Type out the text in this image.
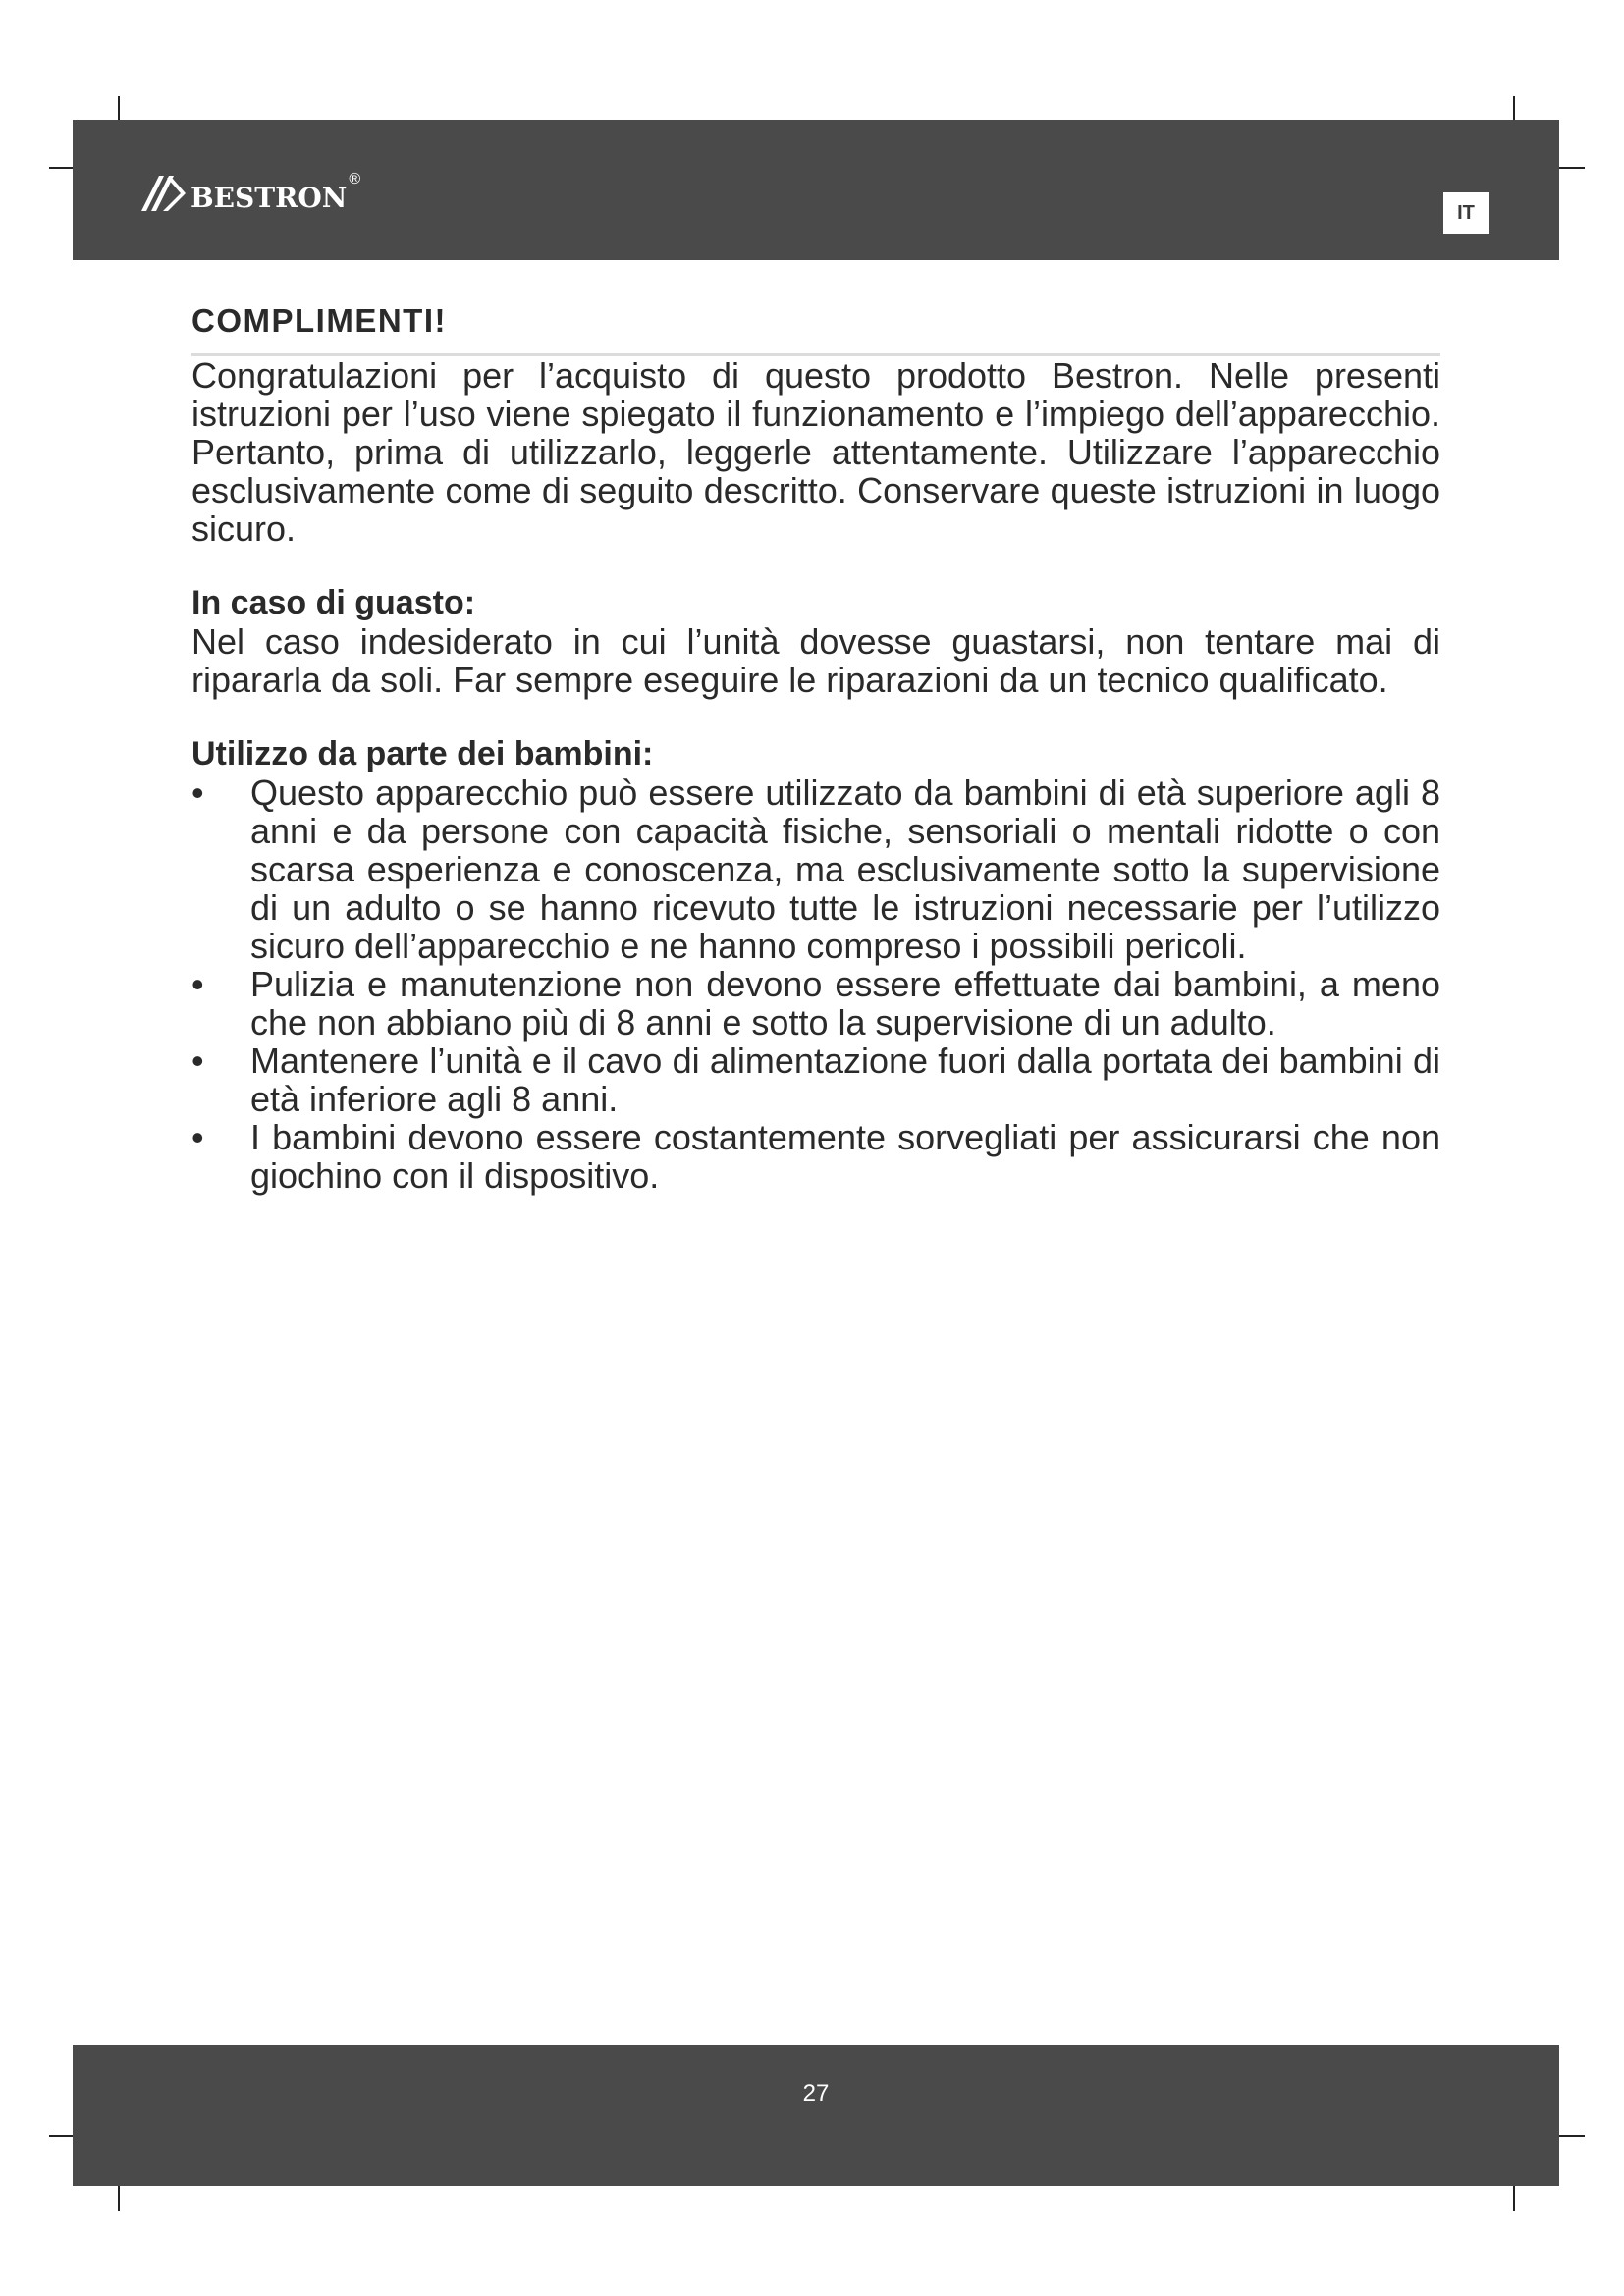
bestron ®
IT
COMPLIMENTI!

Congratulazioni per l’acquisto di questo prodotto Bestron. Nelle presenti istruzioni per l’uso viene spiegato il funzionamento e l’impiego dell’apparecchio. Pertanto, prima di utilizzarlo, leggerle attentamente. Utilizzare l’apparecchio esclusivamente come di seguito descritto. Conservare queste istruzioni in luogo sicuro.

In caso di guasto:

Nel caso indesiderato in cui l’unità dovesse guastarsi, non tentare mai di ripararla da soli. Far sempre eseguire le riparazioni da un tecnico qualificato.

Utilizzo da parte dei bambini:
•	Questo apparecchio può essere utilizzato da bambini di età superiore agli 8 anni e da persone con capacità fisiche, sensoriali o mentali ridotte o con scarsa esperienza e conoscenza, ma esclusivamente sotto la supervisione di un adulto o se hanno ricevuto tutte le istruzioni necessarie per l’utilizzo sicuro dell’apparecchio e ne hanno compreso i possibili pericoli.
•	Pulizia e manutenzione non devono essere effettuate dai bambini, a meno che non abbiano più di 8 anni e sotto la supervisione di un adulto.
•	Mantenere l’unità e il cavo di alimentazione fuori dalla portata dei bambini di età inferiore agli 8 anni.
•	I bambini devono essere costantemente sorvegliati per assicurarsi che non giochino con il dispositivo.
27
